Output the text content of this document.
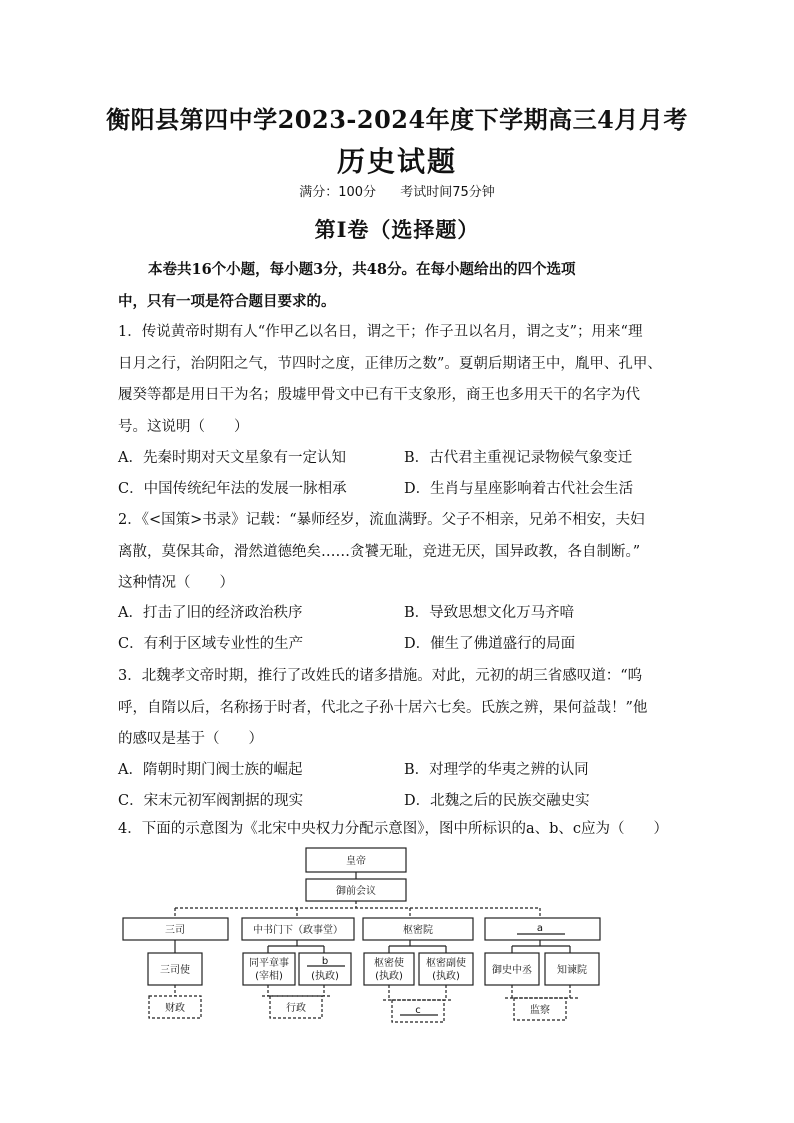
衡阳县第四中学2023-2024年度下学期高三4月月考
历史试题
满分：100分 考试时间75分钟
第Ⅰ卷（选择题）
本卷共16个小题，每小题3分，共48分。在每小题给出的四个选项
中，只有一项是符合题目要求的。
1．传说黄帝时期有人“作甲乙以名日，谓之干；作子丑以名月，谓之支”；用来“理
日月之行，治阴阳之气，节四时之度，正律历之数”。夏朝后期诸王中，胤甲、孔甲、
履癸等都是用日干为名；殷墟甲骨文中已有干支象形，商王也多用天干的名字为代
号。这说明（　　）
A．先秦时期对天文星象有一定认知	B．古代君主重视记录物候气象变迁
C．中国传统纪年法的发展一脉相承	D．生肖与星座影响着古代社会生活
2．《<国策>书录》记载：“暴师经岁，流血满野。父子不相亲，兄弟不相安，夫妇
离散，莫保其命，滑然道德绝矣……贪饕无耻，竞进无厌，国异政教，各自制断。”
这种情况（　　）
A．打击了旧的经济政治秩序	B．导致思想文化万马齐喑
C．有利于区域专业性的生产	D．催生了佛道盛行的局面
3．北魏孝文帝时期，推行了改姓氏的诸多措施。对此，元初的胡三省感叹道：“呜
呼，自隋以后，名称扬于时者，代北之子孙十居六七矣。氏族之辨，果何益哉！”他
的感叹是基于（　　）
A．隋朝时期门阀士族的崛起	B．对理学的华夷之辨的认同
C．宋末元初军阀割据的现实	D．北魏之后的民族交融史实
4．下面的示意图为《北宋中央权力分配示意图》，图中所标识的a、b、c应为（　　）
皇帝
御前会议
三司	中书门下（政事堂）	枢密院	a
三司使
同平章事
(宰相)
b
(执政)
枢密使
(执政)
枢密副使
(执政)
御史中丞	知谏院
财政	行政	c	监察
